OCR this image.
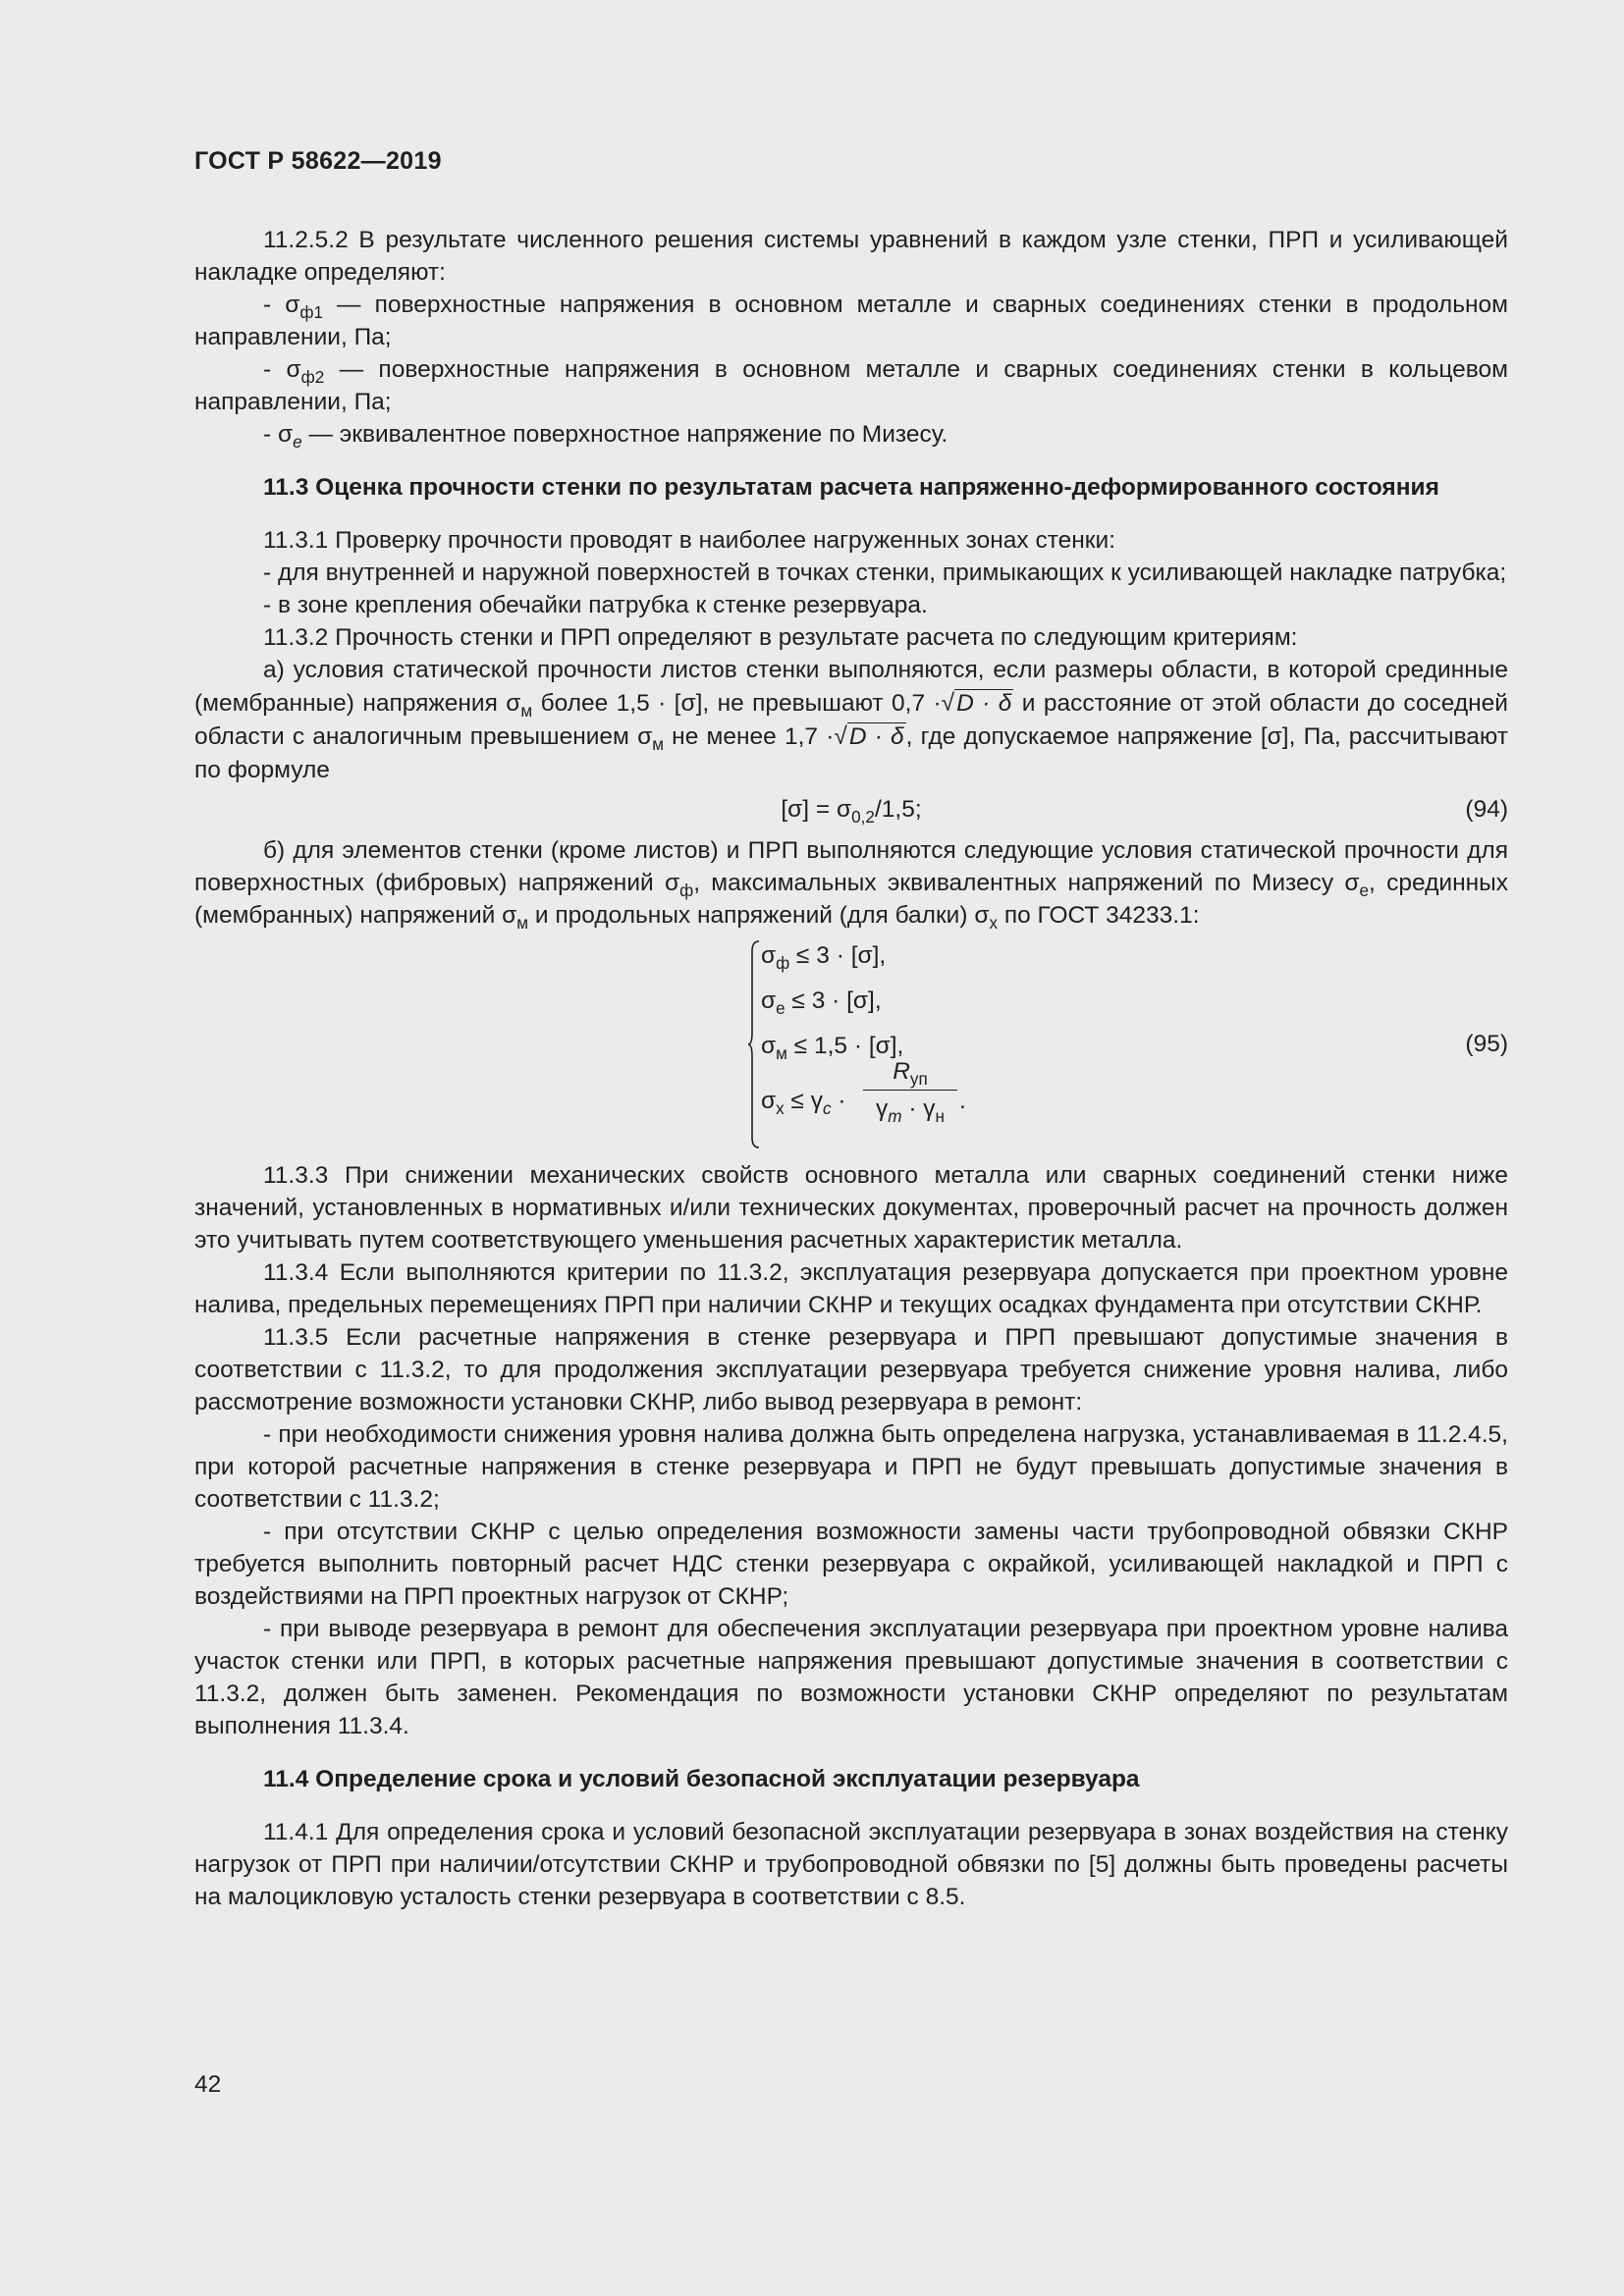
ГОСТ Р 58622—2019

11.2.5.2 В результате численного решения системы уравнений в каждом узле стенки, ПРП и усиливающей накладке определяют:

- $\sigma_{ф1}$ — поверхностные напряжения в основном металле и сварных соединениях стенки в продольном направлении, Па;

- $\sigma_{ф2}$ — поверхностные напряжения в основном металле и сварных соединениях стенки в кольцевом направлении, Па;

- $\sigma_е$ — эквивалентное поверхностное напряжение по Мизесу.

11.3 Оценка прочности стенки по результатам расчета напряженно-деформированного состояния

11.3.1 Проверку прочности проводят в наиболее нагруженных зонах стенки:

- для внутренней и наружной поверхностей в точках стенки, примыкающих к усиливающей накладке патрубка;

- в зоне крепления обечайки патрубка к стенке резервуара.

11.3.2 Прочность стенки и ПРП определяют в результате расчета по следующим критериям:

а) условия статической прочности листов стенки выполняются, если размеры области, в которой срединные (мембранные) напряжения $\sigma_м$ более 1,5 · [σ], не превышают 0,7 ·√D · δ и расстояние от этой области до соседней области с аналогичным превышением $\sigma_м$ не менее 1,7 ·√D · δ, где допускаемое напряжение [σ], Па, рассчитывают по формуле

$[\sigma] = \sigma_{0,2}/1,5$;	(94)

б) для элементов стенки (кроме листов) и ПРП выполняются следующие условия статической прочности для поверхностных (фибровых) напряжений $\sigma_ф$, максимальных эквивалентных напряжений по Мизесу $\sigma_е$, срединных (мембранных) напряжений $\sigma_м$ и продольных напряжений (для балки) $\sigma_х$ по ГОСТ 34233.1:

$\sigma_ф \le 3 \cdot [\sigma]$,
$\sigma_е \le 3 \cdot [\sigma]$,
$\sigma_м \le 1,5 \cdot [\sigma]$,
$\sigma_х \le \gamma_c$ ·
$R_{уп}$
$\gamma_m \cdot \gamma_н$
.
(95)

11.3.3 При снижении механических свойств основного металла или сварных соединений стенки ниже значений, установленных в нормативных и/или технических документах, проверочный расчет на прочность должен это учитывать путем соответствующего уменьшения расчетных характеристик металла.

11.3.4 Если выполняются критерии по 11.3.2, эксплуатация резервуара допускается при проектном уровне налива, предельных перемещениях ПРП при наличии СКНР и текущих осадках фундамента при отсутствии СКНР.

11.3.5 Если расчетные напряжения в стенке резервуара и ПРП превышают допустимые значения в соответствии с 11.3.2, то для продолжения эксплуатации резервуара требуется снижение уровня налива, либо рассмотрение возможности установки СКНР, либо вывод резервуара в ремонт:

- при необходимости снижения уровня налива должна быть определена нагрузка, устанавливаемая в 11.2.4.5, при которой расчетные напряжения в стенке резервуара и ПРП не будут превышать допустимые значения в соответствии с 11.3.2;

- при отсутствии СКНР с целью определения возможности замены части трубопроводной обвязки СКНР требуется выполнить повторный расчет НДС стенки резервуара с окрайкой, усиливающей накладкой и ПРП с воздействиями на ПРП проектных нагрузок от СКНР;

- при выводе резервуара в ремонт для обеспечения эксплуатации резервуара при проектном уровне налива участок стенки или ПРП, в которых расчетные напряжения превышают допустимые значения в соответствии с 11.3.2, должен быть заменен. Рекомендация по возможности установки СКНР определяют по результатам выполнения 11.3.4.

11.4 Определение срока и условий безопасной эксплуатации резервуара

11.4.1 Для определения срока и условий безопасной эксплуатации резервуара в зонах воздействия на стенку нагрузок от ПРП при наличии/отсутствии СКНР и трубопроводной обвязки по [5] должны быть проведены расчеты на малоцикловую усталость стенки резервуара в соответствии с 8.5.

42
